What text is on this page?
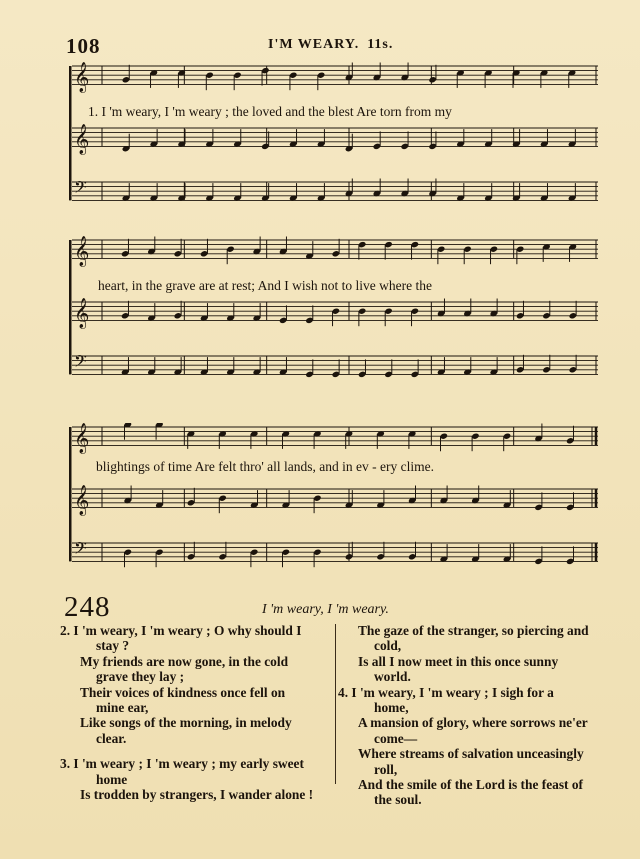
108	I'M WEARY. 11s.
𝄞
𝄞
𝄢
1. I 'm weary, I 'm weary ; the loved and the blest Are torn from my
𝄞
𝄞
𝄢
heart, in the grave are at rest; And I wish not to live where the
𝄞
𝄞
𝄢
blightings of time Are felt thro' all lands, and in ev - ery clime.
248	I 'm weary, I 'm weary.
2. I 'm weary, I 'm weary ; O why should I
stay ?
My friends are now gone, in the cold
grave they lay ;
Their voices of kindness once fell on
mine ear,
Like songs of the morning, in melody
clear.
3. I 'm weary ; I 'm weary ; my early sweet
home
Is trodden by strangers, I wander alone !
The gaze of the stranger, so piercing and
cold,
Is all I now meet in this once sunny
world.
4. I 'm weary, I 'm weary ; I sigh for a
home,
A mansion of glory, where sorrows ne'er
come—
Where streams of salvation unceasingly
roll,
And the smile of the Lord is the feast of
the soul.
